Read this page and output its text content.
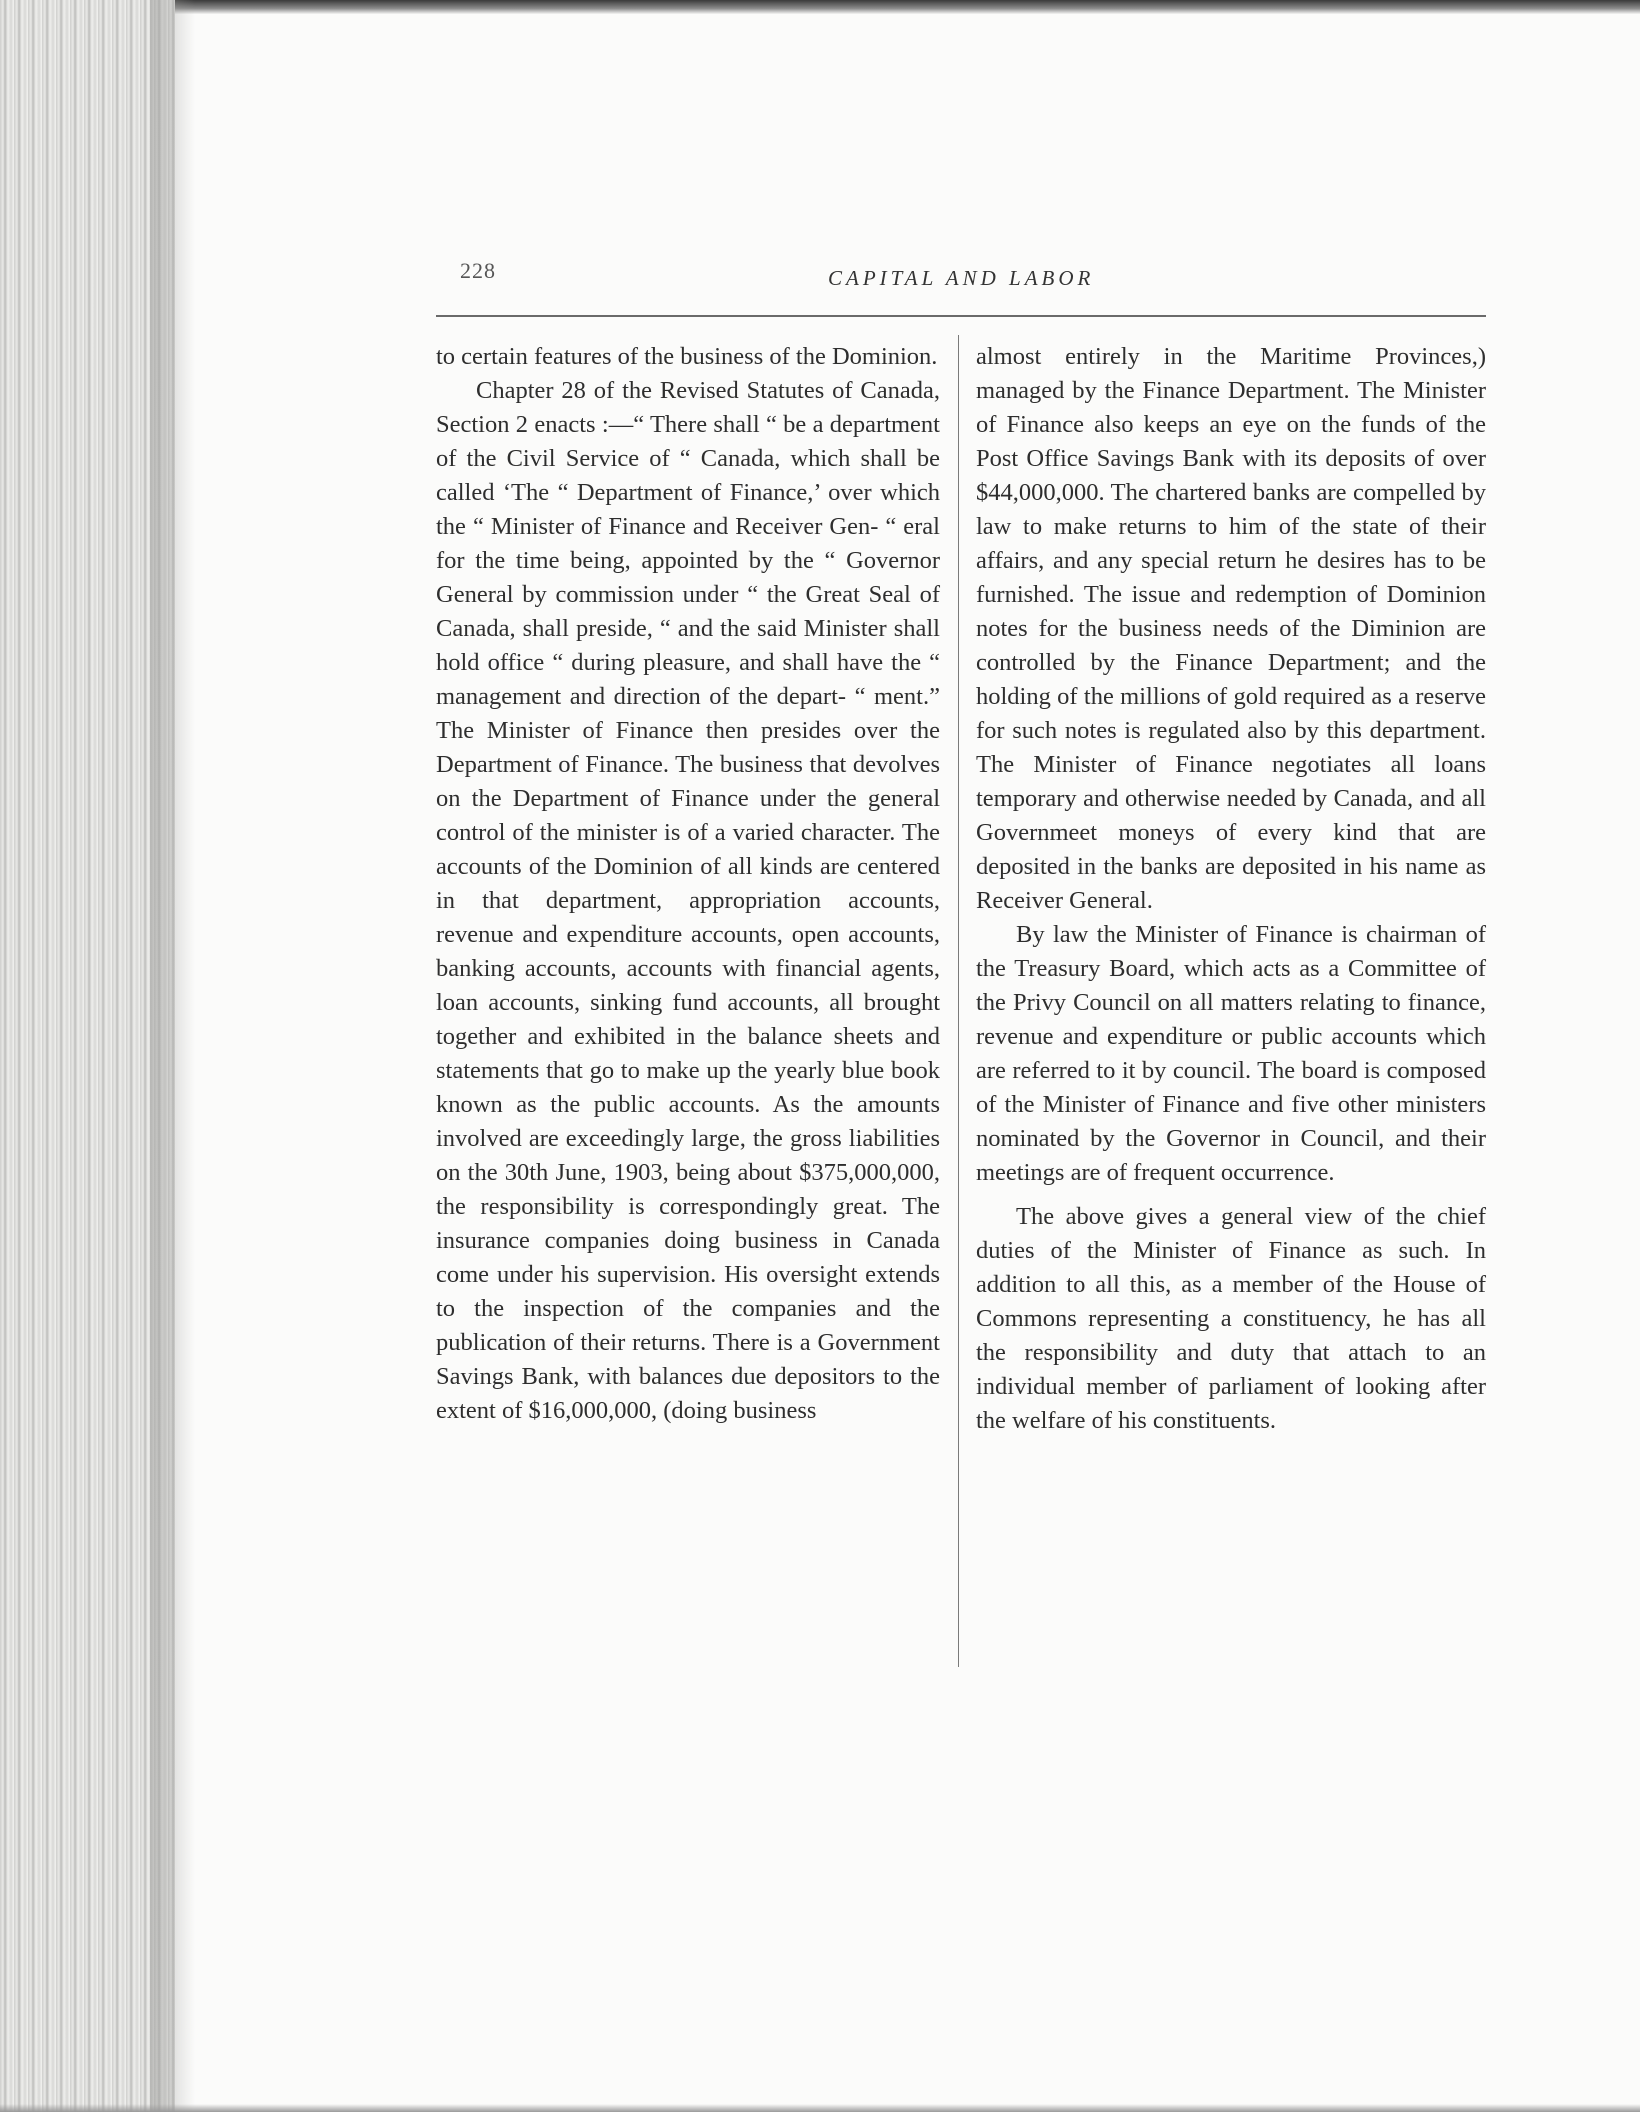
228	CAPITAL AND LABOR

to certain features of the business of the Dominion.

Chapter 28 of the Revised Statutes of Canada, Section 2 enacts :—“ There shall “ be a department of the Civil Service of “ Canada, which shall be called ‘The “ Department of Finance,’ over which the “ Minister of Finance and Receiver Gen- “ eral for the time being, appointed by the “ Governor General by commission under “ the Great Seal of Canada, shall preside, “ and the said Minister shall hold office “ during pleasure, and shall have the “ management and direction of the depart- “ ment.” The Minister of Finance then presides over the Department of Finance. The business that devolves on the Department of Finance under the general control of the minister is of a varied character. The accounts of the Dominion of all kinds are centered in that department, appropriation accounts, revenue and expenditure accounts, open accounts, banking accounts, accounts with financial agents, loan accounts, sinking fund accounts, all brought together and exhibited in the balance sheets and statements that go to make up the yearly blue book known as the public accounts. As the amounts involved are exceedingly large, the gross liabilities on the 30th June, 1903, being about $375,000,000, the responsibility is correspondingly great. The insurance companies doing business in Canada come under his supervision. His oversight extends to the inspection of the companies and the publication of their returns. There is a Government Savings Bank, with balances due depositors to the extent of $16,000,000, (doing business

almost entirely in the Maritime Provinces,) managed by the Finance Department. The Minister of Finance also keeps an eye on the funds of the Post Office Savings Bank with its deposits of over $44,000,000. The chartered banks are compelled by law to make returns to him of the state of their affairs, and any special return he desires has to be furnished. The issue and redemption of Dominion notes for the business needs of the Diminion are controlled by the Finance Department; and the holding of the millions of gold required as a reserve for such notes is regulated also by this department. The Minister of Finance negotiates all loans temporary and otherwise needed by Canada, and all Governmeet moneys of every kind that are deposited in the banks are deposited in his name as Receiver General.

By law the Minister of Finance is chairman of the Treasury Board, which acts as a Committee of the Privy Council on all matters relating to finance, revenue and expenditure or public accounts which are referred to it by council. The board is composed of the Minister of Finance and five other ministers nominated by the Governor in Council, and their meetings are of frequent occurrence.

The above gives a general view of the chief duties of the Minister of Finance as such. In addition to all this, as a member of the House of Commons representing a constituency, he has all the responsibility and duty that attach to an individual member of parliament of looking after the welfare of his constituents.
